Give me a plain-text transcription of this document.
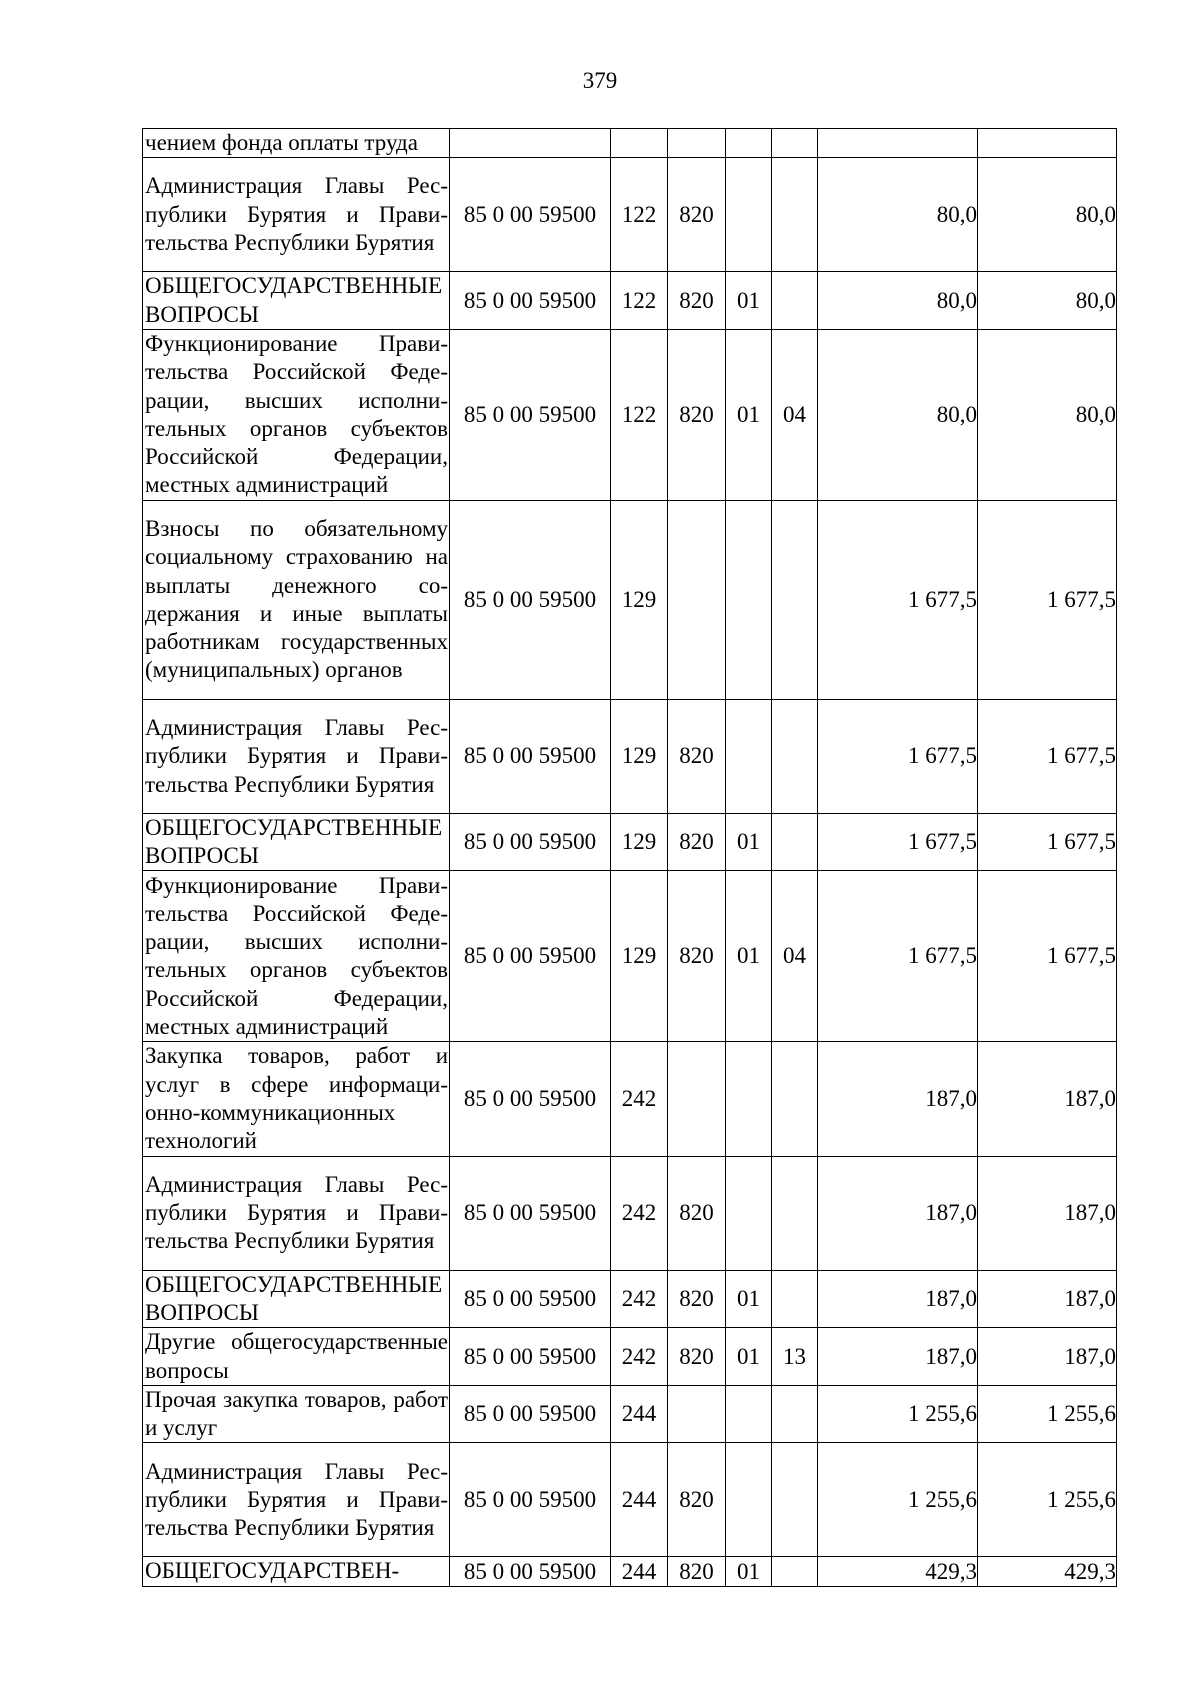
379
чением фонда оплаты труда							
Администрация Главы Республики Бурятия и Правительства Республики Бурятия	85 0 00 59500	122	820			80,0	80,0
ОБЩЕГОСУДАРСТВЕННЫЕ ВОПРОСЫ	85 0 00 59500	122	820	01		80,0	80,0
Функционирование Правительства Российской Федерации, высших исполнительных органов субъектов Российской Федерации, местных администраций	85 0 00 59500	122	820	01	04	80,0	80,0
Взносы по обязательному социальному страхованию на выплаты денежного содержания и иные выплаты работникам государственных (муниципальных) органов	85 0 00 59500	129				1 677,5	1 677,5
Администрация Главы Республики Бурятия и Правительства Республики Бурятия	85 0 00 59500	129	820			1 677,5	1 677,5
ОБЩЕГОСУДАРСТВЕННЫЕ ВОПРОСЫ	85 0 00 59500	129	820	01		1 677,5	1 677,5
Функционирование Правительства Российской Федерации, высших исполнительных органов субъектов Российской Федерации, местных администраций	85 0 00 59500	129	820	01	04	1 677,5	1 677,5
Закупка товаров, работ и услуг в сфере информационно-коммуникационных технологий	85 0 00 59500	242				187,0	187,0
Администрация Главы Республики Бурятия и Правительства Республики Бурятия	85 0 00 59500	242	820			187,0	187,0
ОБЩЕГОСУДАРСТВЕННЫЕ ВОПРОСЫ	85 0 00 59500	242	820	01		187,0	187,0
Другие общегосударственные вопросы	85 0 00 59500	242	820	01	13	187,0	187,0
Прочая закупка товаров, работ и услуг	85 0 00 59500	244				1 255,6	1 255,6
Администрация Главы Республики Бурятия и Правительства Республики Бурятия	85 0 00 59500	244	820			1 255,6	1 255,6
ОБЩЕГОСУДАРСТВЕН-	85 0 00 59500	244	820	01		429,3	429,3
